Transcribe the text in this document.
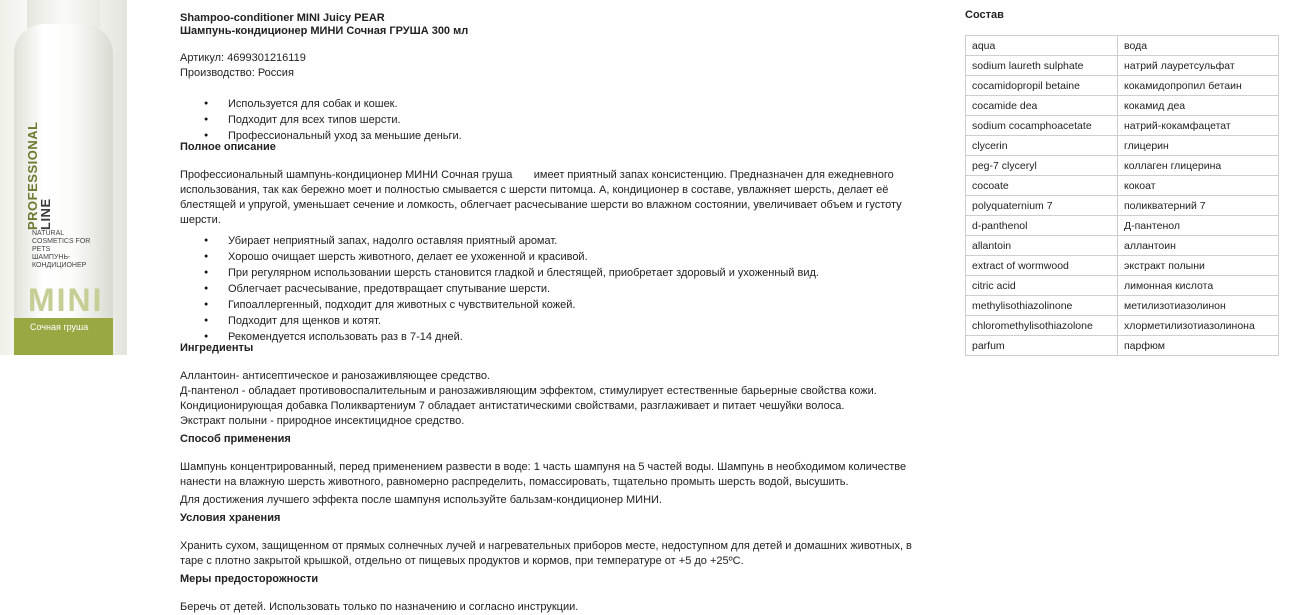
PROFESSIONAL
LINE
NATURAL COSMETICS FOR PETS
ШАМПУНЬ-КОНДИЦИОНЕР
MINI
Сочная груша

Shampoo-conditioner MINI Juicy PEAR

Шампунь-кондиционер МИНИ Сочная ГРУША 300 мл

Артикул: 4699301216119

Производство: Россия

● Используется для собак и кошек.
● Подходит для всех типов шерсти.
● Профессиональный уход за меньшие деньги.

Полное описание

Профессиональный шампунь-кондиционер МИНИ Сочная груша       имеет приятный запах консистенцию. Предназначен для ежедневного использования, так как бережно моет и полностью смывается с шерсти питомца. А, кондиционер в составе, увлажняет шерсть, делает её блестящей и упругой, уменьшает сечение и ломкость, облегчает расчесывание шерсти во влажном состоянии, увеличивает объем и густоту шерсти.

● Убирает неприятный запах, надолго оставляя приятный аромат.
● Хорошо очищает шерсть животного, делает ее ухоженной и красивой.
● При регулярном использовании шерсть становится гладкой и блестящей, приобретает здоровый и ухоженный вид.
● Облегчает расчесывание, предотвращает спутывание шерсти.
● Гипоаллергенный, подходит для животных с чувствительной кожей.
● Подходит для щенков и котят.
● Рекомендуется использовать раз в 7-14 дней.

Ингредиенты

Аллантоин- антисептическое и ранозаживляющее средство.

Д-пантенол - обладает противовоспалительным и ранозаживляющим эффектом, стимулирует естественные барьерные свойства кожи.

Кондиционирующая добавка Поликвартениум 7 обладает антистатическими свойствами, разглаживает и питает чешуйки волоса.

Экстракт полыни - природное инсектицидное средство.

Способ применения

Шампунь концентрированный, перед применением развести в воде: 1 часть шампуня на 5 частей воды. Шампунь в необходимом количестве нанести на влажную шерсть животного, равномерно распределить, помассировать, тщательно промыть шерсть водой, высушить.

Для достижения лучшего эффекта после шампуня используйте бальзам-кондиционер МИНИ.

Условия хранения

Хранить сухом, защищенном от прямых солнечных лучей и нагревательных приборов месте, недоступном для детей и домашних животных, в таре с плотно закрытой крышкой, отдельно от пищевых продуктов и кормов, при температуре от +5 до +25ºС.

Меры предосторожности

Беречь от детей. Использовать только по назначению и согласно инструкции.

Состав
aqua	вода
sodium laureth sulphate	натрий лауретсульфат
cocamidopropil betaine	кокамидопропил бетаин
cocamide dea	кокамид деа
sodium cocamphoacetate	натрий-кокамфацетат
clycerin	глицерин
peg-7 clyceryl	коллаген глицерина
cocoate	кокоат
polyquaternium 7	поликватерний 7
d-panthenol	Д-пантенол
allantoin	аллантоин
extract of wormwood	экстракт полыни
citric acid	лимонная кислота
methylisothiazolinone	метилизотиазолинон
chloromethylisothiazolone	хлорметилизотиазолинона
parfum	парфюм
